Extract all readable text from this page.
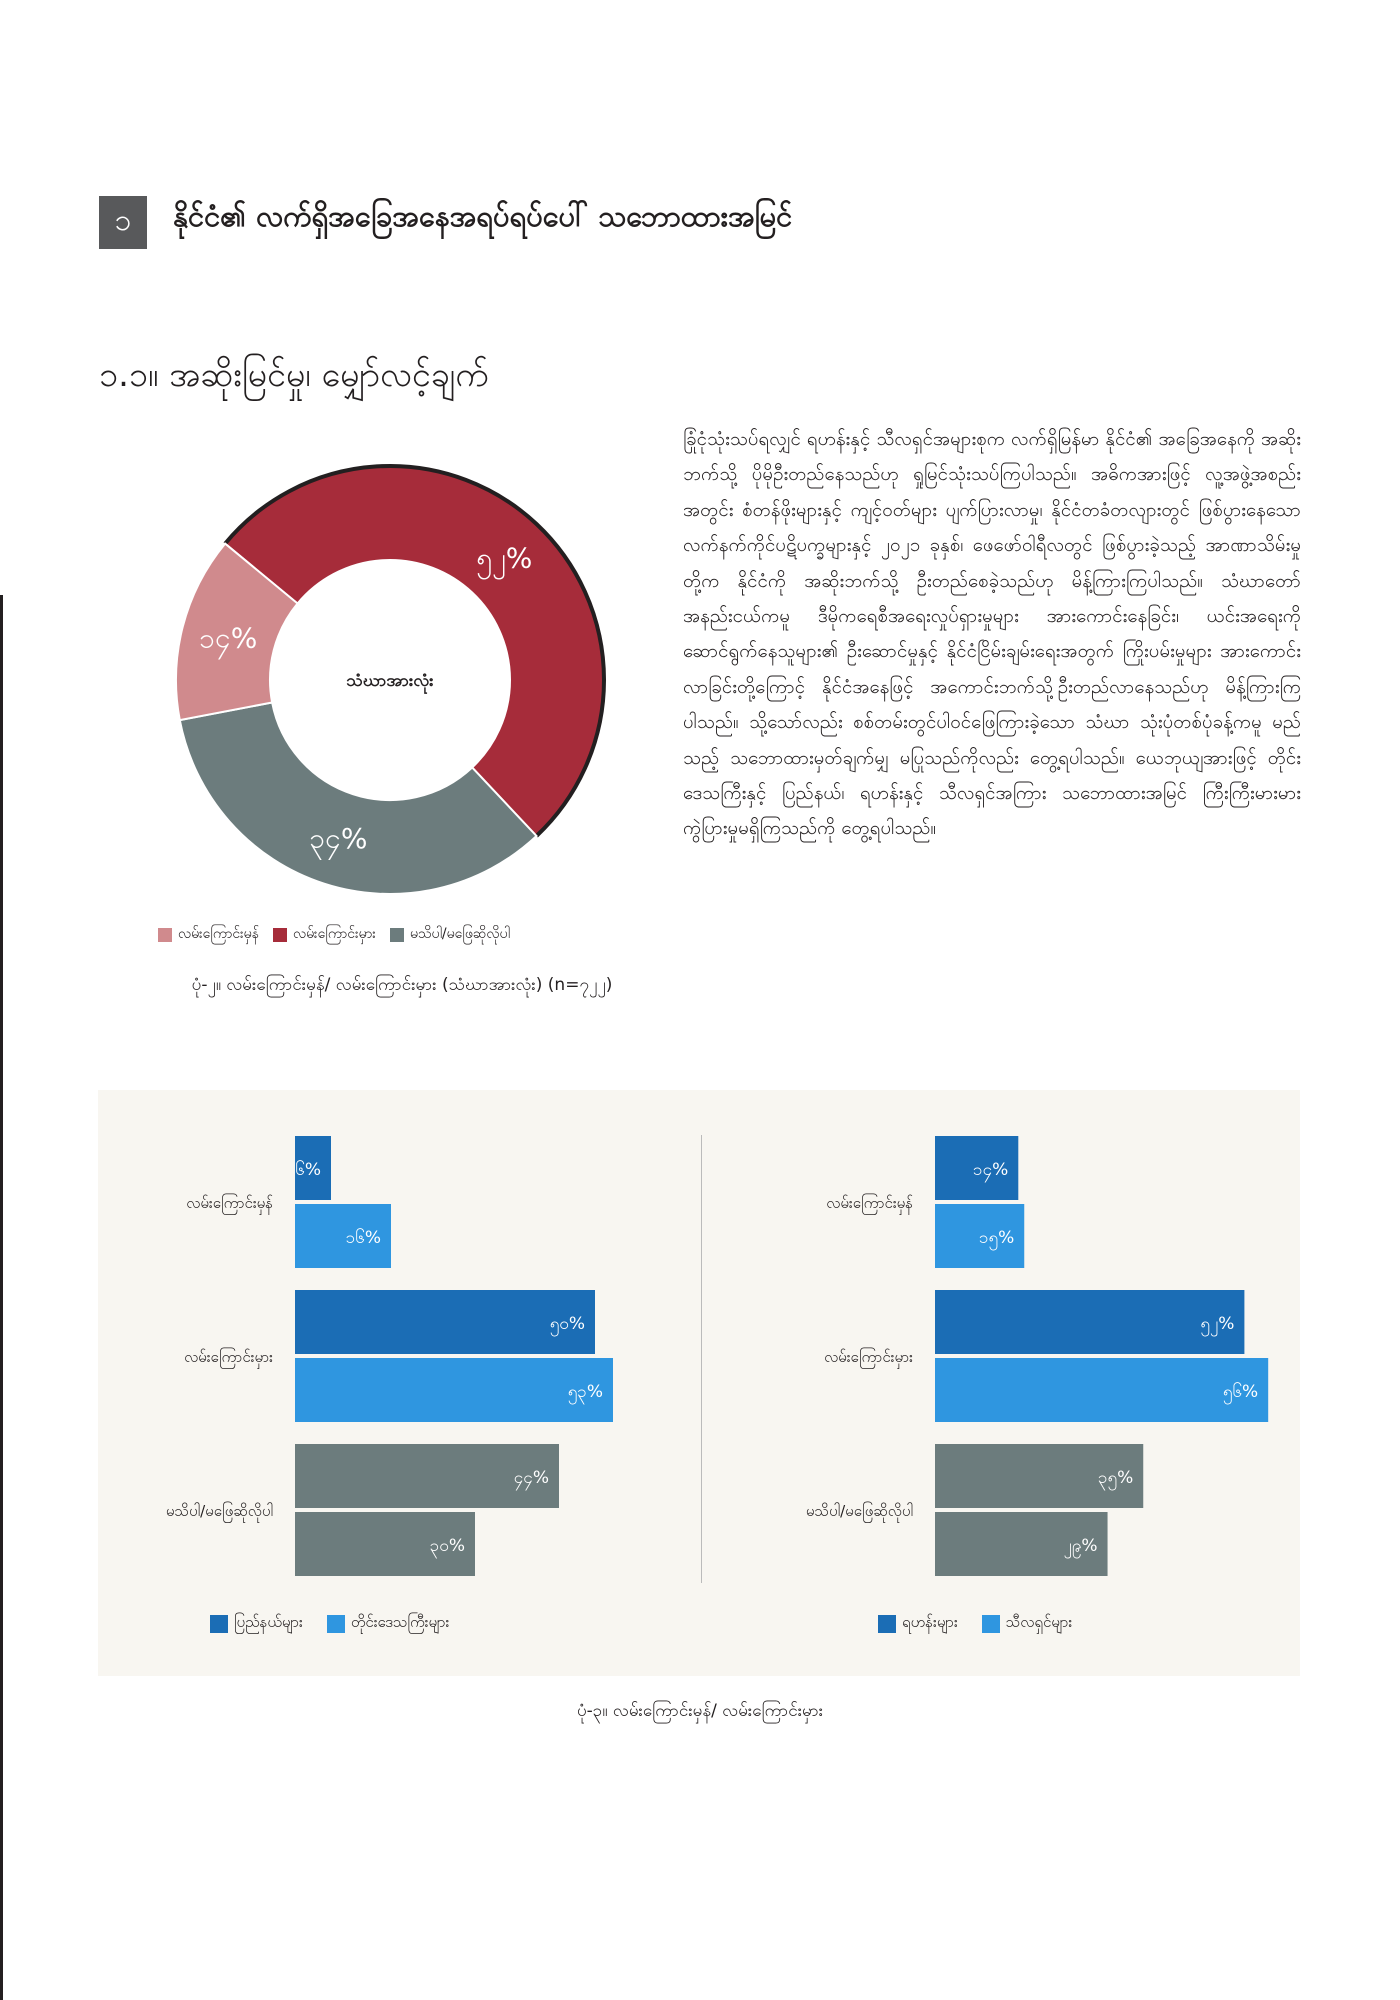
၁ နိုင်ငံ၏ လက်ရှိအခြေအနေအရပ်ရပ်ပေါ် သဘောထားအမြင်
၁.၁။ အဆိုးမြင်မှု၊ မျှော်လင့်ချက်
ခြုံငုံသုံးသပ်ရလျှင် ရဟန်းနှင့် သီလရှင်အများစုက လက်ရှိမြန်မာ နိုင်ငံ၏ အခြေအနေကို အဆိုးဘက်သို့ ပိုမိုဦးတည်နေသည်ဟု ရှုမြင်သုံးသပ်ကြပါသည်။ အဓိကအားဖြင့် လူ့အဖွဲ့အစည်းအတွင်း စံတန်ဖိုးများနှင့် ကျင့်ဝတ်များ ပျက်ပြားလာမှု၊ နိုင်ငံတခံတလျားတွင် ဖြစ်ပွားနေသော လက်နက်ကိုင်ပဋိပက္ခများနှင့် ၂၀၂၁ ခုနှစ်၊ ဖေဖော်ဝါရီလတွင် ဖြစ်ပွားခဲ့သည့် အာဏာသိမ်းမှုတို့က နိုင်ငံကို အဆိုးဘက်သို့ ဦးတည်စေခဲ့သည်ဟု မိန့်ကြားကြပါသည်။ သံဃာတော်အနည်းငယ်ကမူ ဒီမိုကရေစီအရေးလှုပ်ရှားမှုများ အားကောင်းနေခြင်း၊ ယင်းအရေးကိုဆောင်ရွက်နေသူများ၏ ဦးဆောင်မှုနှင့် နိုင်ငံငြိမ်းချမ်းရေးအတွက် ကြိုးပမ်းမှုများ အားကောင်းလာခြင်းတို့ကြောင့် နိုင်ငံအနေဖြင့် အကောင်းဘက်သို့ဦးတည်လာနေသည်ဟု မိန့်ကြားကြပါသည်။ သို့သော်လည်း စစ်တမ်းတွင်ပါဝင်ဖြေကြားခဲ့သော သံဃာ သုံးပုံတစ်ပုံခန့်ကမူ မည်သည့် သဘောထားမှတ်ချက်မျှ မပြုသည်ကိုလည်း တွေ့ရပါသည်။ ယေဘုယျအားဖြင့် တိုင်းဒေသကြီးနှင့် ပြည်နယ်၊ ရဟန်းနှင့် သီလရှင်အကြား သဘောထားအမြင် ကြီးကြီးမားမား ကွဲပြားမှုမရှိကြသည်ကို တွေ့ရပါသည်။
၅၂%
၃၄%
၁၄%
သံဃာအားလုံး
လမ်းကြောင်းမှန် လမ်းကြောင်းမှား မသိပါ/မဖြေဆိုလိုပါ
ပုံ-၂။ လမ်းကြောင်းမှန်/ လမ်းကြောင်းမှား (သံဃာအားလုံး) (n=၇၂၂)
လမ်းကြောင်းမှန်
၆%
၁၆%
လမ်းကြောင်းမှား
၅၀%
၅၃%
မသိပါ/မဖြေဆိုလိုပါ
၄၄%
၃၀%
လမ်းကြောင်းမှန်
၁၄%
၁၅%
လမ်းကြောင်းမှား
၅၂%
၅၆%
မသိပါ/မဖြေဆိုလိုပါ
၃၅%
၂၉%
ပြည်နယ်များ	တိုင်းဒေသကြီးများ	ရဟန်းများ	သီလရှင်များ
ပုံ-၃။ လမ်းကြောင်းမှန်/ လမ်းကြောင်းမှား
